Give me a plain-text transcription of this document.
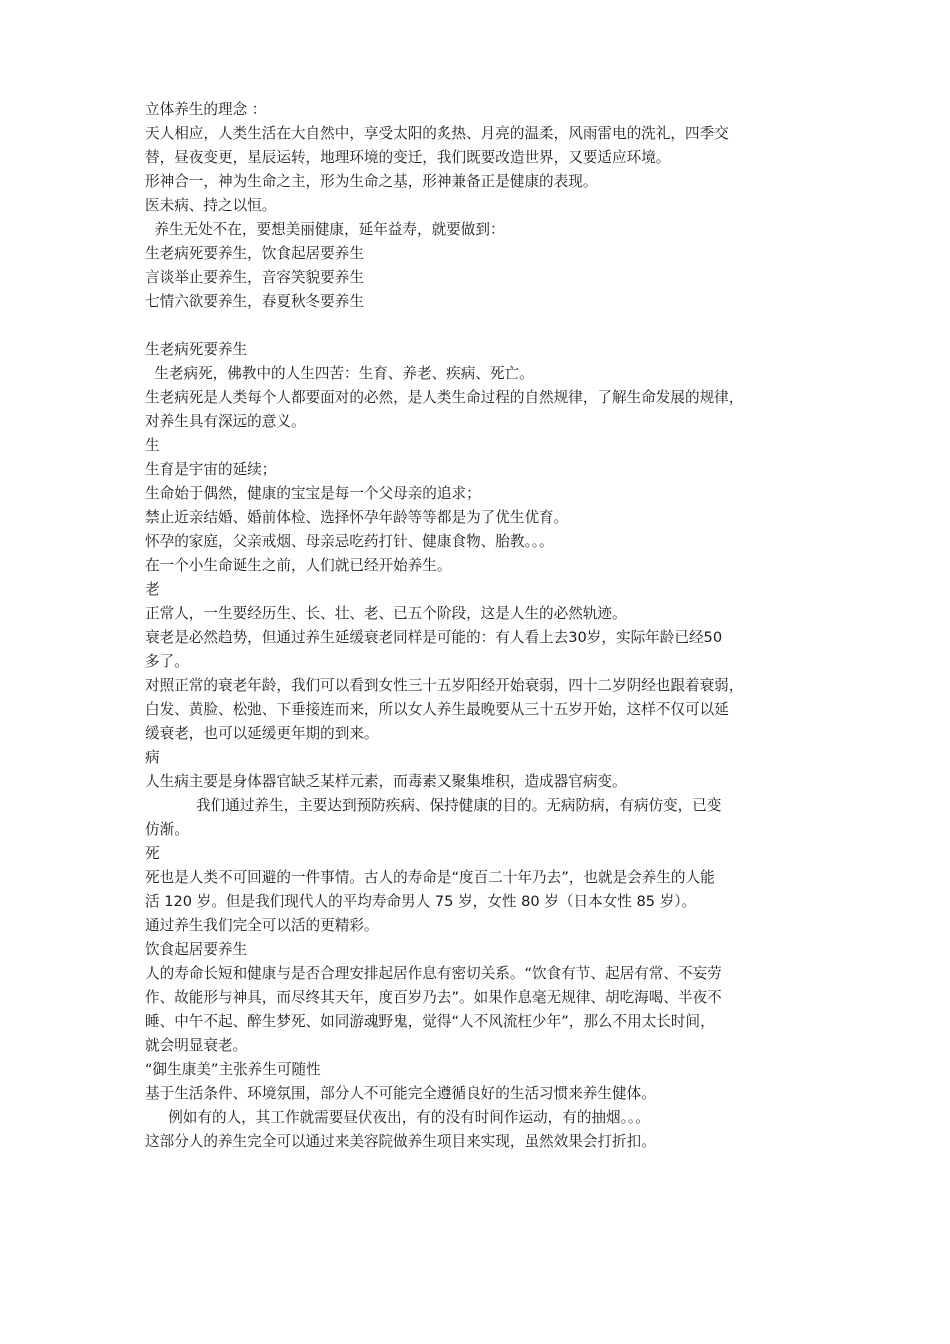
立体养生的理念 ：
天人相应，人类生活在大自然中，享受太阳的炙热、月亮的温柔，风雨雷电的洗礼，四季交
替，昼夜变更，星辰运转，地理环境的变迁，我们既要改造世界，又要适应环境。
形神合一，神为生命之主，形为生命之基，形神兼备正是健康的表现。
医未病、持之以恒。
养生无处不在，要想美丽健康，延年益寿，就要做到：
生老病死要养生，饮食起居要养生
言谈举止要养生，音容笑貌要养生
七情六欲要养生，春夏秋冬要养生
生老病死要养生
生老病死，佛教中的人生四苦：生育、养老、疾病、死亡。
生老病死是人类每个人都要面对的必然，是人类生命过程的自然规律，了解生命发展的规律，
对养生具有深远的意义。
生
生育是宇宙的延续；
生命始于偶然，健康的宝宝是每一个父母亲的追求；
禁止近亲结婚、婚前体检、选择怀孕年龄等等都是为了优生优育。
怀孕的家庭，父亲戒烟、母亲忌吃药打针、健康食物、胎教。。。
在一个小生命诞生之前，人们就已经开始养生。
老
正常人，一生要经历生、长、壮、老、已五个阶段，这是人生的必然轨迹。
衰老是必然趋势，但通过养生延缓衰老同样是可能的：有人看上去30岁，实际年龄已经50
多了。
对照正常的衰老年龄，我们可以看到女性三十五岁阳经开始衰弱，四十二岁阴经也跟着衰弱，
白发、黄脸、松弛、下垂接连而来，所以女人养生最晚要从三十五岁开始，这样不仅可以延
缓衰老，也可以延缓更年期的到来。
病
人生病主要是身体器官缺乏某样元素，而毒素又聚集堆积，造成器官病变。
我们通过养生，主要达到预防疾病、保持健康的目的。无病防病，有病仿变，已变
仿渐。
死
死也是人类不可回避的一件事情。古人的寿命是“度百二十年乃去”，也就是会养生的人能
活 120 岁。但是我们现代人的平均寿命男人 75 岁，女性 80 岁（日本女性 85 岁）。
通过养生我们完全可以活的更精彩。
饮食起居要养生
人的寿命长短和健康与是否合理安排起居作息有密切关系。“饮食有节、起居有常、不妄劳
作、故能形与神具，而尽终其天年，度百岁乃去”。如果作息毫无规律、胡吃海喝、半夜不
睡、中午不起、醉生梦死、如同游魂野鬼，觉得“人不风流枉少年”，那么不用太长时间，
就会明显衰老。
“御生康美”主张养生可随性
基于生活条件、环境氛围，部分人不可能完全遵循良好的生活习惯来养生健体。
例如有的人，其工作就需要昼伏夜出，有的没有时间作运动，有的抽烟。。。
这部分人的养生完全可以通过来美容院做养生项目来实现，虽然效果会打折扣。
